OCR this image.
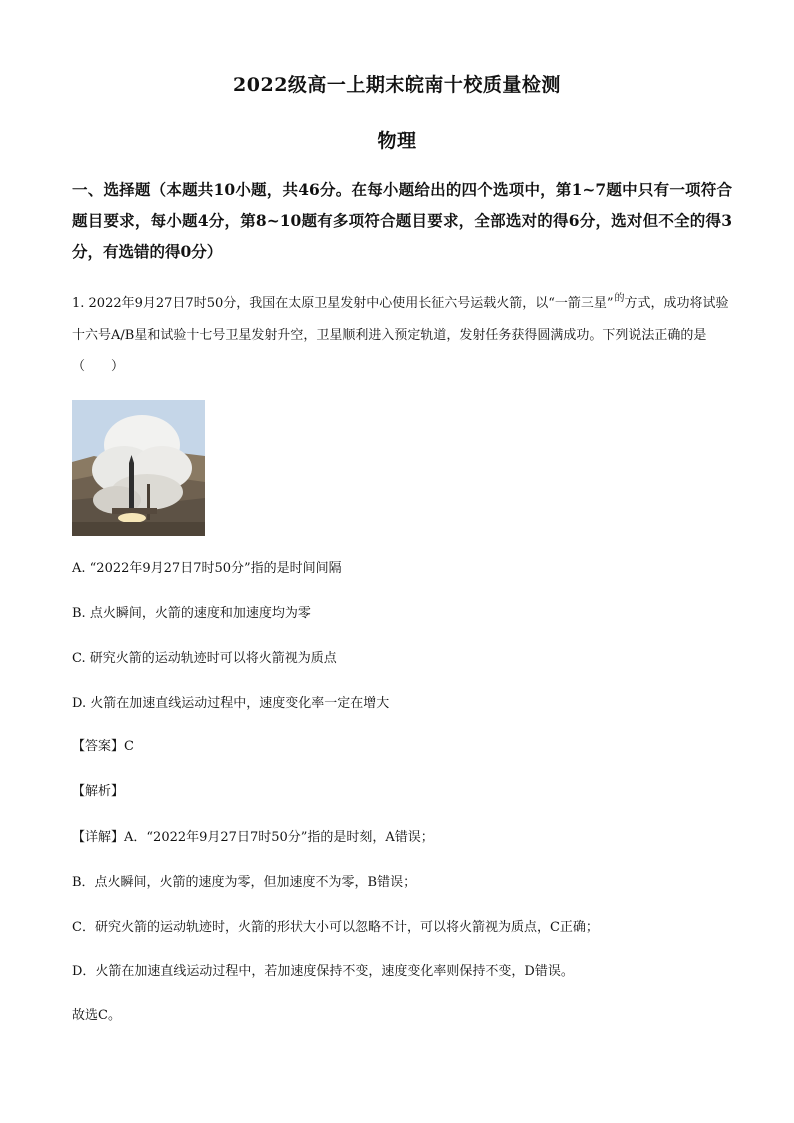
2022级高一上期末皖南十校质量检测
物理
一、选择题（本题共10小题，共46分。在每小题给出的四个选项中，第1~7题中只有一项符合题目要求，每小题4分，第8~10题有多项符合题目要求，全部选对的得6分，选对但不全的得3分，有选错的得0分）
1. 2022年9月27日7时50分，我国在太原卫星发射中心使用长征六号运载火箭，以“一箭三星”$^的$方式，成功将试验十六号A/B星和试验十七号卫星发射升空，卫星顺利进入预定轨道，发射任务获得圆满成功。下列说法正确的是（　　）
A. “2022年9月27日7时50分”指的是时间间隔
B. 点火瞬间，火箭的速度和加速度均为零
C. 研究火箭的运动轨迹时可以将火箭视为质点
D. 火箭在加速直线运动过程中，速度变化率一定在增大
【答案】C
【解析】
【详解】A．“2022年9月27日7时50分”指的是时刻，A错误；
B．点火瞬间，火箭的速度为零，但加速度不为零，B错误；
C．研究火箭的运动轨迹时，火箭的形状大小可以忽略不计，可以将火箭视为质点，C正确；
D．火箭在加速直线运动过程中，若加速度保持不变，速度变化率则保持不变，D错误。
故选C。
